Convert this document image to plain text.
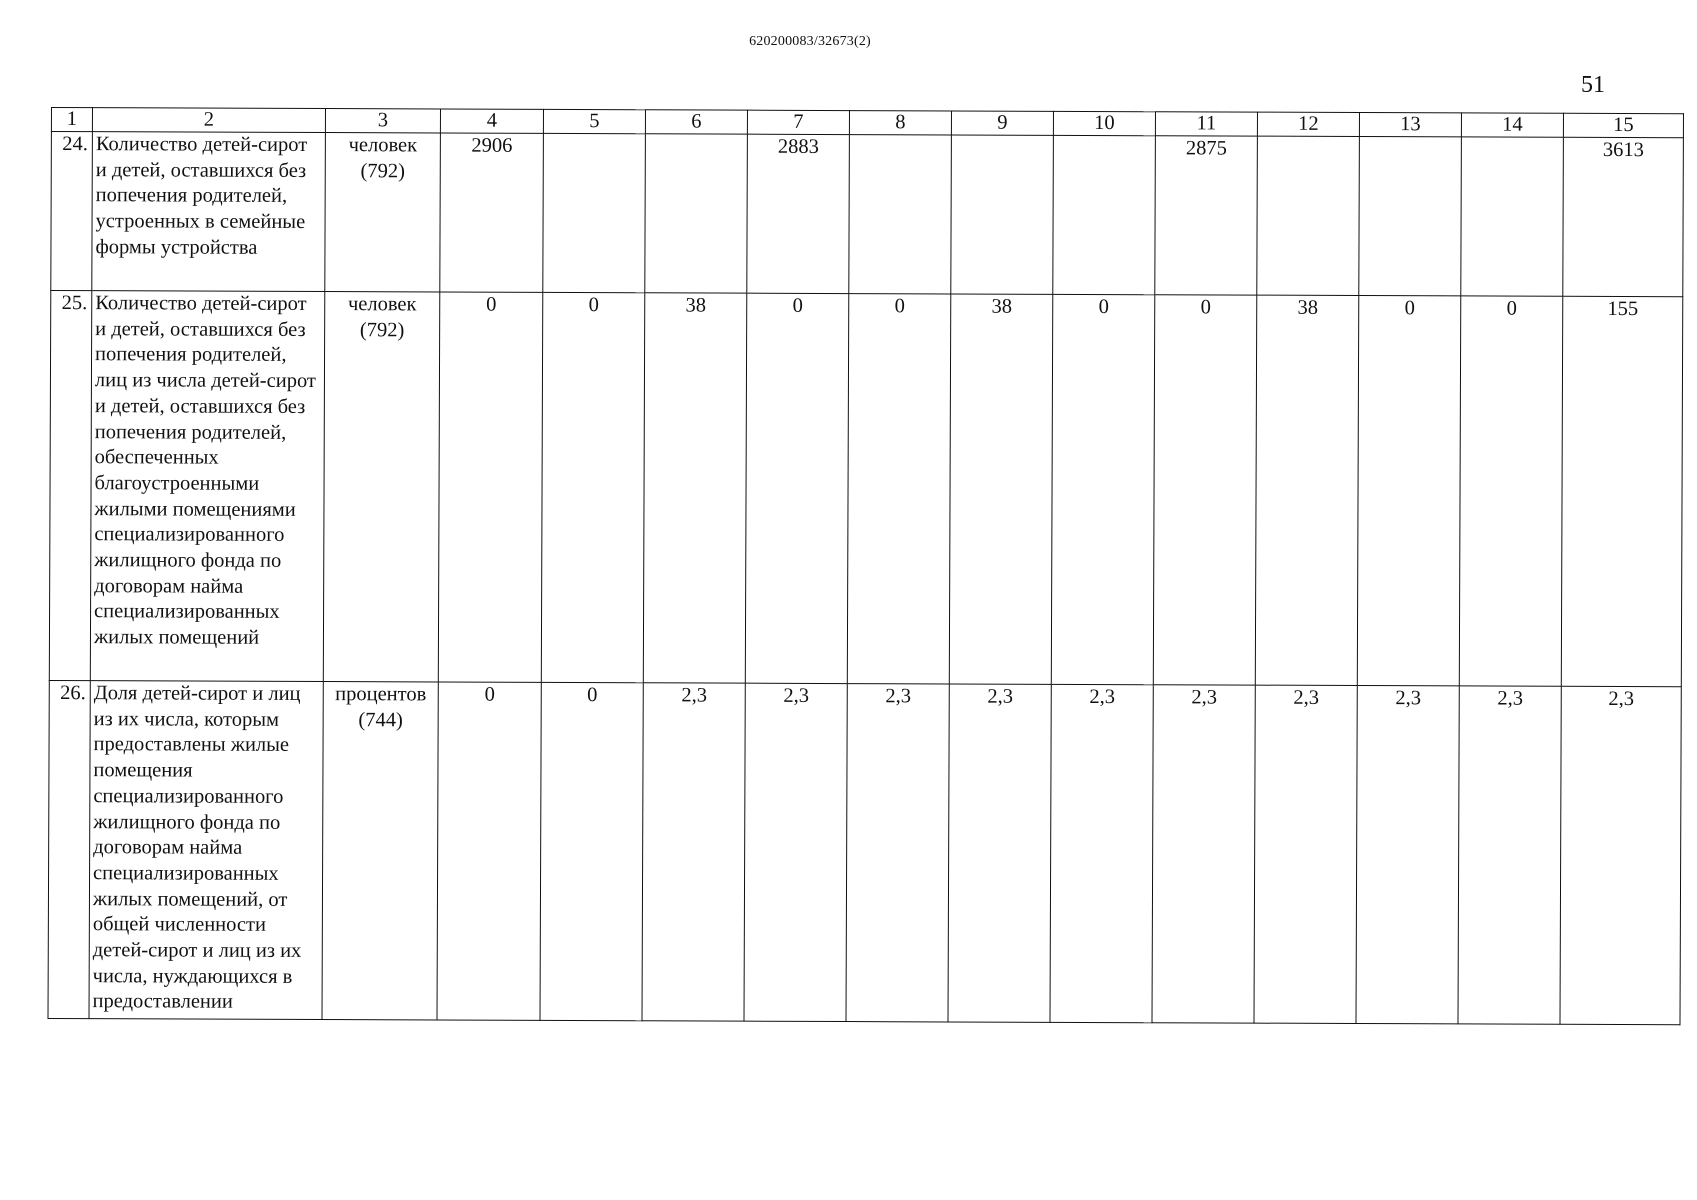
620200083/32673(2)
51
1	2	3	4	5	6	7	8	9	10	11	12	13	14	15
24.	Количество детей-сирот и детей, оставшихся без попечения родителей, устроенных в семейные формы устройства	человек (792)	2906			2883				2875				3613
25.	Количество детей-сирот и детей, оставшихся без попечения родителей, лиц из числа детей-сирот и детей, оставшихся без попечения родителей, обеспеченных благоустроенными жилыми помещениями специализированного жилищного фонда по договорам найма специализированных жилых помещений	человек (792)	0	0	38	0	0	38	0	0	38	0	0	155
26.	Доля детей-сирот и лиц из их числа, которым предоставлены жилые помещения специализированного жилищного фонда по договорам найма специализированных жилых помещений, от общей численности детей-сирот и лиц из их числа, нуждающихся в предоставлении	процентов (744)	0	0	2,3	2,3	2,3	2,3	2,3	2,3	2,3	2,3	2,3	2,3
